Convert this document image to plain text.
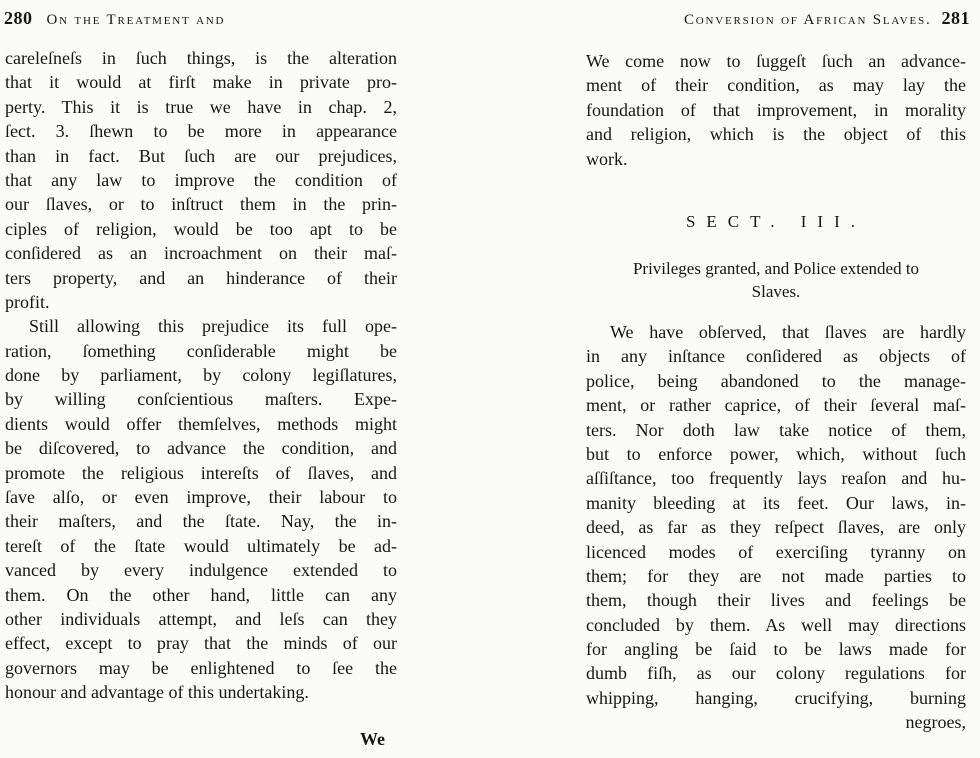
280 On the Treatment and
careleſneſs in ſuch things, is the alteration
that it would at firſt make in private pro-
perty. This it is true we have in chap. 2,
ſect. 3. ſhewn to be more in appearance
than in fact. But ſuch are our prejudices,
that any law to improve the condition of
our ſlaves, or to inſtruct them in the prin-
ciples of religion, would be too apt to be
conſidered as an incroachment on their maſ-
ters property, and an hinderance of their
profit.
Still allowing this prejudice its full ope-
ration, ſomething conſiderable might be
done by parliament, by colony legiſlatures,
by willing conſcientious maſters. Expe-
dients would offer themſelves, methods might
be diſcovered, to advance the condition, and
promote the religious intereſts of ſlaves, and
ſave alſo, or even improve, their labour to
their maſters, and the ſtate. Nay, the in-
tereſt of the ſtate would ultimately be ad-
vanced by every indulgence extended to
them. On the other hand, little can any
other individuals attempt, and leſs can they
effect, except to pray that the minds of our
governors may be enlightened to ſee the
honour and advantage of this undertaking.
We
Conversion of African Slaves. 281
We come now to ſuggeſt ſuch an advance-
ment of their condition, as may lay the
foundation of that improvement, in morality
and religion, which is the object of this
work.
SECT. III.
Privileges granted, and Police extended to
Slaves.
We have obſerved, that ſlaves are hardly
in any inſtance conſidered as objects of
police, being abandoned to the manage-
ment, or rather caprice, of their ſeveral maſ-
ters. Nor doth law take notice of them,
but to enforce power, which, without ſuch
aſſiſtance, too frequently lays reaſon and hu-
manity bleeding at its feet. Our laws, in-
deed, as far as they reſpect ſlaves, are only
licenced modes of exerciſing tyranny on
them; for they are not made parties to
them, though their lives and feelings be
concluded by them. As well may directions
for angling be ſaid to be laws made for
dumb fiſh, as our colony regulations for
whipping, hanging, crucifying, burning
negroes,
